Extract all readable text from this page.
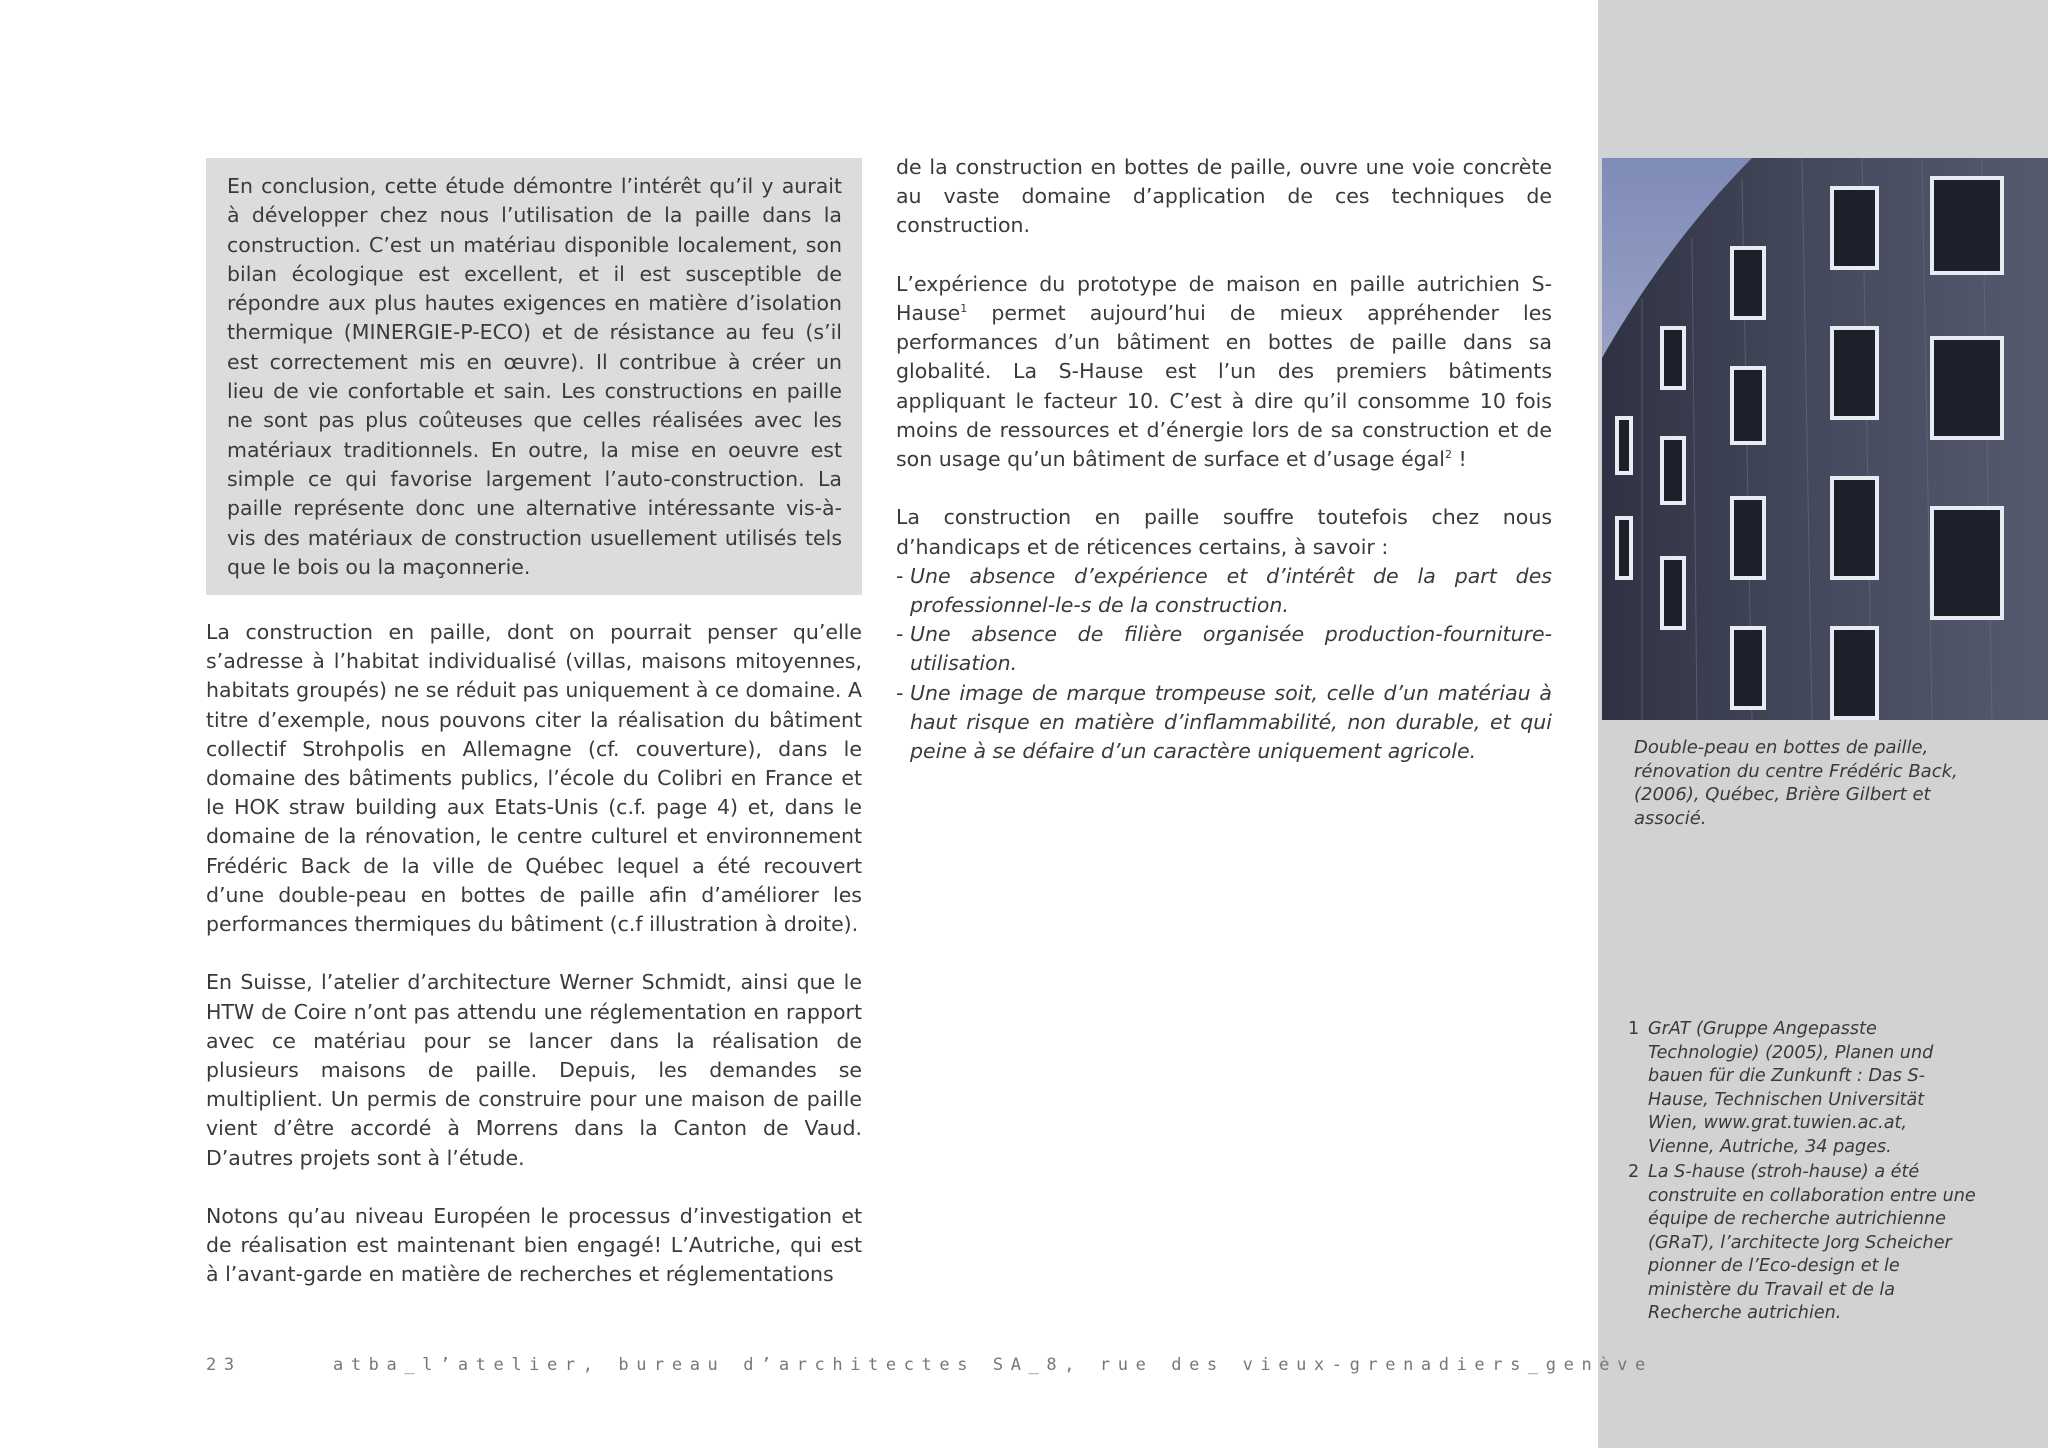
Double-peau en bottes de paille, rénovation du centre Frédéric Back, (2006), Québec, Brière Gilbert et associé.
1 GrAT (Gruppe Angepasste Technologie) (2005), Planen und bauen für die Zunkunft : Das S-Hause, Technischen Universität Wien, www.grat.tuwien.ac.at, Vienne, Autriche, 34 pages.
2 La S-hause (stroh-hause) a été construite en collaboration entre une équipe de recherche autrichienne (GRaT), l’architecte Jorg Scheicher pionner de l’Eco-design et le ministère du Travail et de la Recherche autrichien.
En conclusion, cette étude démontre l’intérêt qu’il y aurait à développer chez nous l’utilisation de la paille dans la construction. C’est un matériau disponible localement, son bilan écologique est excellent, et il est susceptible de répondre aux plus hautes exigences en matière d’isolation thermique (MINERGIE-P-ECO) et de résistance au feu (s’il est correctement mis en œuvre). Il contribue à créer un lieu de vie confortable et sain. Les constructions en paille ne sont pas plus coûteuses que celles réalisées avec les matériaux traditionnels. En outre, la mise en oeuvre est simple ce qui favorise largement l’auto-construction. La paille représente donc une alternative intéressante vis-à-vis des matériaux de construction usuellement utilisés tels que le bois ou la maçonnerie.

La construction en paille, dont on pourrait penser qu’elle s’adresse à l’habitat individualisé (villas, maisons mitoyennes, habitats groupés) ne se réduit pas uniquement à ce domaine. A titre d’exemple, nous pouvons citer la réalisation du bâtiment collectif Strohpolis en Allemagne (cf. couverture), dans le domaine des bâtiments publics, l’école du Colibri en France et le HOK straw building aux Etats-Unis (c.f. page 4) et, dans le domaine de la rénovation, le centre culturel et environnement Frédéric Back de la ville de Québec lequel a été recouvert d’une double-peau en bottes de paille afin d’améliorer les performances thermiques du bâtiment (c.f illustration à droite).

En Suisse, l’atelier d’architecture Werner Schmidt, ainsi que le HTW de Coire n’ont pas attendu une réglementation en rapport avec ce matériau pour se lancer dans la réalisation de plusieurs maisons de paille. Depuis, les demandes se multiplient. Un permis de construire pour une maison de paille vient d’être accordé à Morrens dans la Canton de Vaud. D’autres projets sont à l’étude.

Notons qu’au niveau Européen le processus d’investigation et de réalisation est maintenant bien engagé! L’Autriche, qui est à l’avant-garde en matière de recherches et réglementations

de la construction en bottes de paille, ouvre une voie concrète au vaste domaine d’application de ces techniques de construction.

L’expérience du prototype de maison en paille autrichien S-Hause$^1$ permet aujourd’hui de mieux appréhender les performances d’un bâtiment en bottes de paille dans sa globalité. La S-Hause est l’un des premiers bâtiments appliquant le facteur 10. C’est à dire qu’il consomme 10 fois moins de ressources et d’énergie lors de sa construction et de son usage qu’un bâtiment de surface et d’usage égal$^2$ !

La construction en paille souffre toutefois chez nous d’handicaps et de réticences certains, à savoir :

- Une absence d’expérience et d’intérêt de la part des professionnel-le-s de la construction.
- Une absence de filière organisée production-fourniture-utilisation.
- Une image de marque trompeuse soit, celle d’un matériau à haut risque en matière d’inflammabilité, non durable, et qui peine à se défaire d’un caractère uniquement agricole.
23	atba_l’atelier, bureau d’architectes SA_8, rue des vieux-grenadiers_genève
